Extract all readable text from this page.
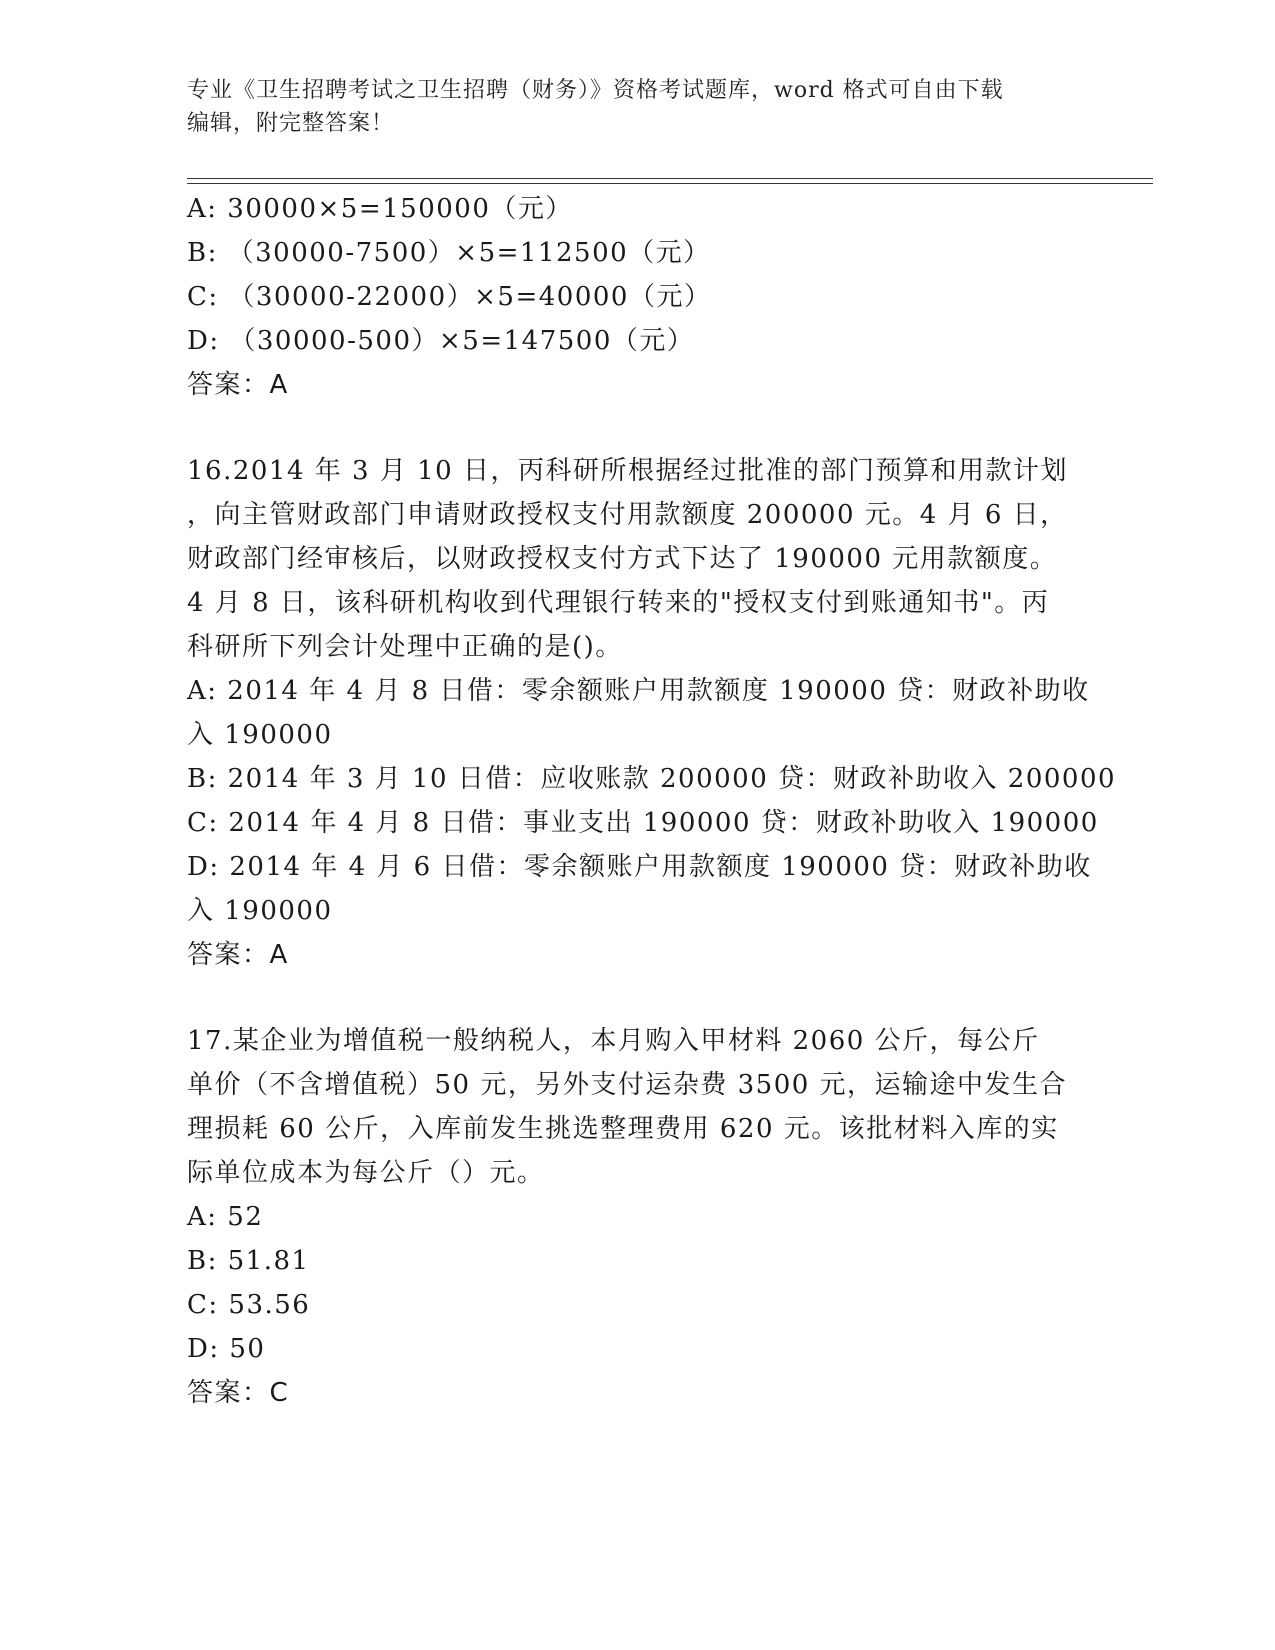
专业《卫生招聘考试之卫生招聘（财务）》资格考试题库，word 格式可自由下载
编辑，附完整答案！
A: 30000×5=150000（元）
B: （30000-7500）×5=112500（元）
C: （30000-22000）×5=40000（元）
D: （30000-500）×5=147500（元）
答案：A
16.2014 年 3 月 10 日，丙科研所根据经过批准的部门预算和用款计划
，向主管财政部门申请财政授权支付用款额度 200000 元。4 月 6 日，
财政部门经审核后，以财政授权支付方式下达了 190000 元用款额度。
4 月 8 日，该科研机构收到代理银行转来的"授权支付到账通知书"。丙
科研所下列会计处理中正确的是()。
A: 2014 年 4 月 8 日借：零余额账户用款额度 190000 贷：财政补助收
入 190000
B: 2014 年 3 月 10 日借：应收账款 200000 贷：财政补助收入 200000
C: 2014 年 4 月 8 日借：事业支出 190000 贷：财政补助收入 190000
D: 2014 年 4 月 6 日借：零余额账户用款额度 190000 贷：财政补助收
入 190000
答案：A
17.某企业为增值税一般纳税人，本月购入甲材料 2060 公斤，每公斤
单价（不含增值税）50 元，另外支付运杂费 3500 元，运输途中发生合
理损耗 60 公斤，入库前发生挑选整理费用 620 元。该批材料入库的实
际单位成本为每公斤（）元。
A: 52
B: 51.81
C: 53.56
D: 50
答案：C
